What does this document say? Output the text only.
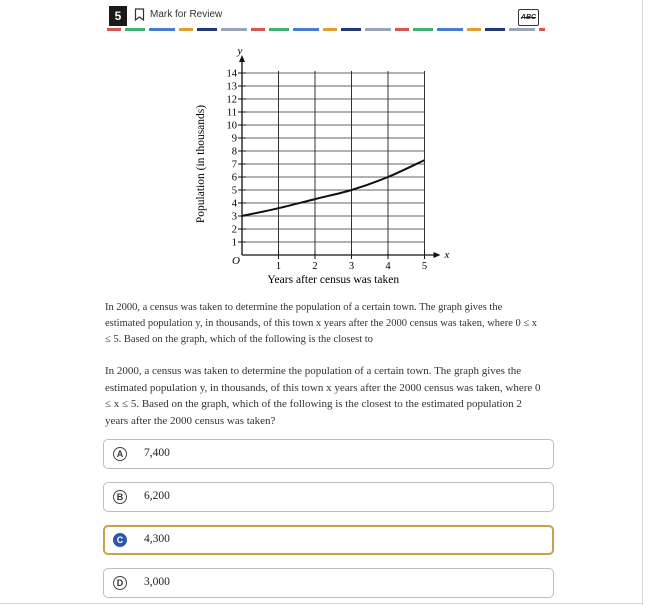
5	Mark for Review	ABC
y
x
O
1
2
3
4
5
6
7
8
9
10
11
12
13
14
1	2	3	4	5
Population (in thousands)
Years after census was taken
In 2000, a census was taken to determine the population of a certain town. The graph gives the estimated population y, in thousands, of this town x years after the 2000 census was taken, where 0 ≤ x ≤ 5. Based on the graph, which of the following is the closest to
In 2000, a census was taken to determine the population of a certain town. The graph gives the estimated population y, in thousands, of this town x years after the 2000 census was taken, where 0 ≤ x ≤ 5. Based on the graph, which of the following is the closest to the estimated population 2 years after the 2000 census was taken?
A	7,400
B	6,200
C	4,300
D	3,000
